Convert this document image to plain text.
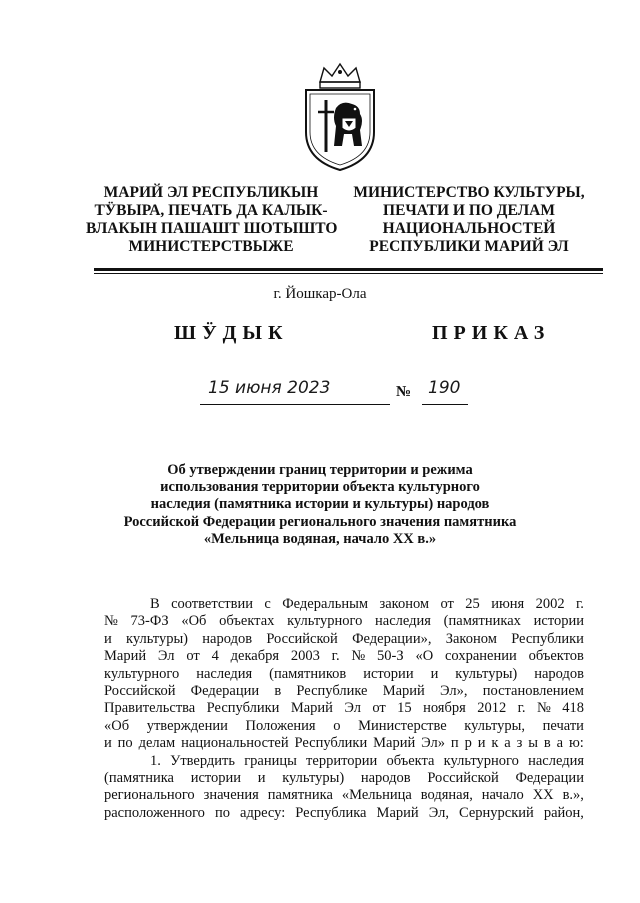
МАРИЙ ЭЛ РЕСПУБЛИКЫН
ТӰВЫРА, ПЕЧАТЬ ДА КАЛЫК-
ВЛАКЫН ПАШАШТ ШОТЫШТО
МИНИСТЕРСТВЫЖЕ
МИНИСТЕРСТВО КУЛЬТУРЫ,
ПЕЧАТИ И ПО ДЕЛАМ
НАЦИОНАЛЬНОСТЕЙ
РЕСПУБЛИКИ МАРИЙ ЭЛ
г. Йошкар-Ола
ШӰДЫК	ПРИКАЗ
15 июня 2023	№ 190
Об утверждении границ территории и режима
использования территории объекта культурного
наследия (памятника истории и культуры) народов
Российской Федерации регионального значения памятника
«Мельница водяная, начало XX в.»
В соответствии с Федеральным законом от 25 июня 2002 г.
№ 73-ФЗ «Об объектах культурного наследия (памятниках истории
и культуры) народов Российской Федерации», Законом Республики
Марий Эл от 4 декабря 2003 г. № 50-З «О сохранении объектов
культурного наследия (памятников истории и культуры) народов
Российской Федерации в Республике Марий Эл», постановлением
Правительства Республики Марий Эл от 15 ноября 2012 г. № 418
«Об утверждении Положения о Министерстве культуры, печати
и по делам национальностей Республики Марий Эл» п р и к а з ы в а ю:
1. Утвердить границы территории объекта культурного наследия
(памятника истории и культуры) народов Российской Федерации
регионального значения памятника «Мельница водяная, начало XX в.»,
расположенного по адресу: Республика Марий Эл, Сернурский район,
